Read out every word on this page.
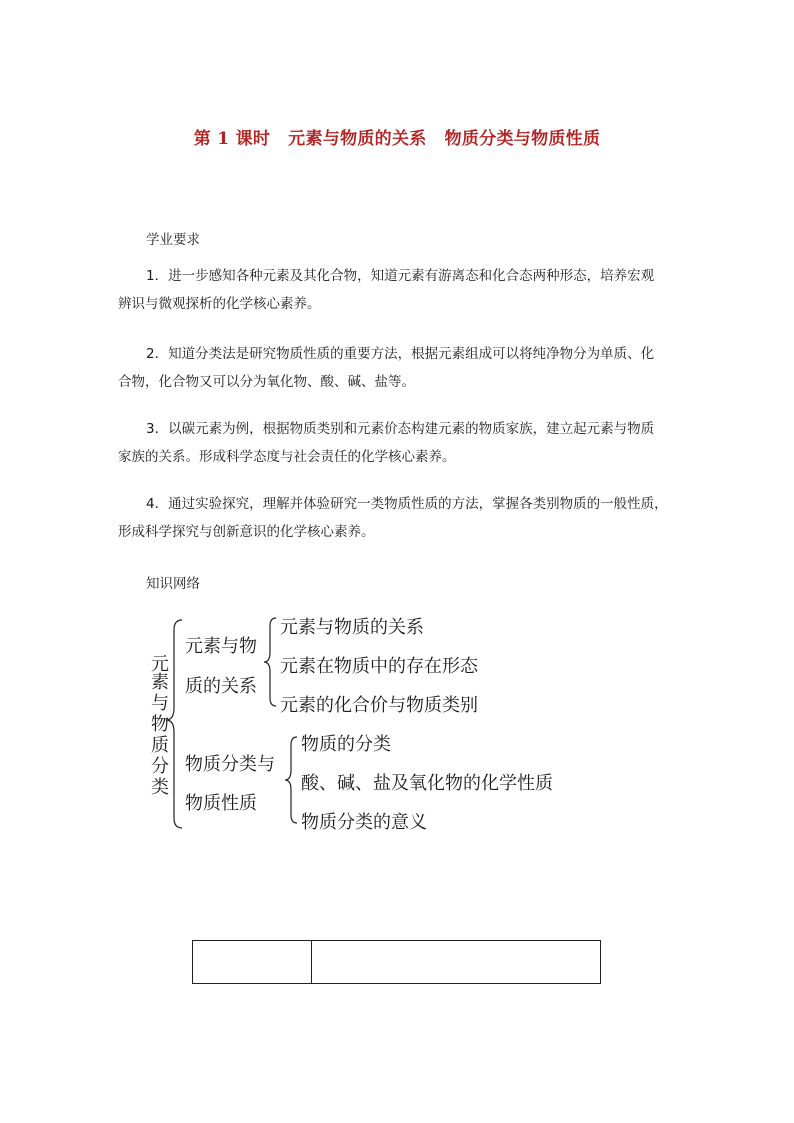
第 1 课时 元素与物质的关系 物质分类与物质性质
学业要求
1．进一步感知各种元素及其化合物，知道元素有游离态和化合态两种形态，培养宏观
辨识与微观探析的化学核心素养。
2．知道分类法是研究物质性质的重要方法，根据元素组成可以将纯净物分为单质、化
合物，化合物又可以分为氧化物、酸、碱、盐等。
3．以碳元素为例，根据物质类别和元素价态构建元素的物质家族，建立起元素与物质
家族的关系。形成科学态度与社会责任的化学核心素养。
4．通过实验探究，理解并体验研究一类物质性质的方法，掌握各类别物质的一般性质，
形成科学探究与创新意识的化学核心素养。
知识网络
元
素
与
物
质
分
类
元素与物
质的关系
元素与物质的关系
元素在物质中的存在形态
元素的化合价与物质类别
物质分类与
物质性质
物质的分类
酸、碱、盐及氧化物的化学性质
物质分类的意义
